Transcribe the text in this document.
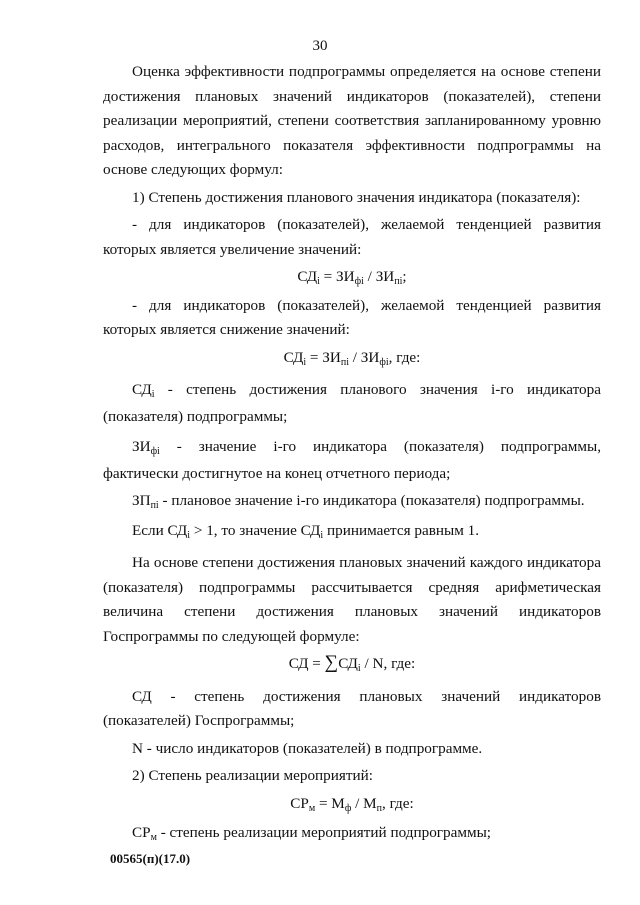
30

Оценка эффективности подпрограммы определяется на основе степени достижения плановых значений индикаторов (показателей), степени реализации мероприятий, степени соответствия запланированному уровню расходов, интегрального показателя эффективности подпрограммы на основе следующих формул:

1) Степень достижения планового значения индикатора (показателя):

- для индикаторов (показателей), желаемой тенденцией развития которых является увеличение значений:

СДi = ЗИфi / ЗИпi;

- для индикаторов (показателей), желаемой тенденцией развития которых является снижение значений:

СДi = ЗИпi / ЗИфi, где:

СДi - степень достижения планового значения i-го индикатора (показателя) подпрограммы;

ЗИфi - значение i-го индикатора (показателя) подпрограммы, фактически достигнутое на конец отчетного периода;

ЗПпi - плановое значение i-го индикатора (показателя) подпрограммы.

Если СДi > 1, то значение СДi принимается равным 1.

На основе степени достижения плановых значений каждого индикатора (показателя) подпрограммы рассчитывается средняя арифметическая величина степени достижения плановых значений индикаторов Госпрограммы по следующей формуле:

СД = ∑СДi / N, где:

СД - степень достижения плановых значений индикаторов (показателей) Госпрограммы;

N - число индикаторов (показателей) в подпрограмме.

2) Степень реализации мероприятий:

СРм = Мф / Мп, где:

СРм - степень реализации мероприятий подпрограммы;

00565(п)(17.0)
